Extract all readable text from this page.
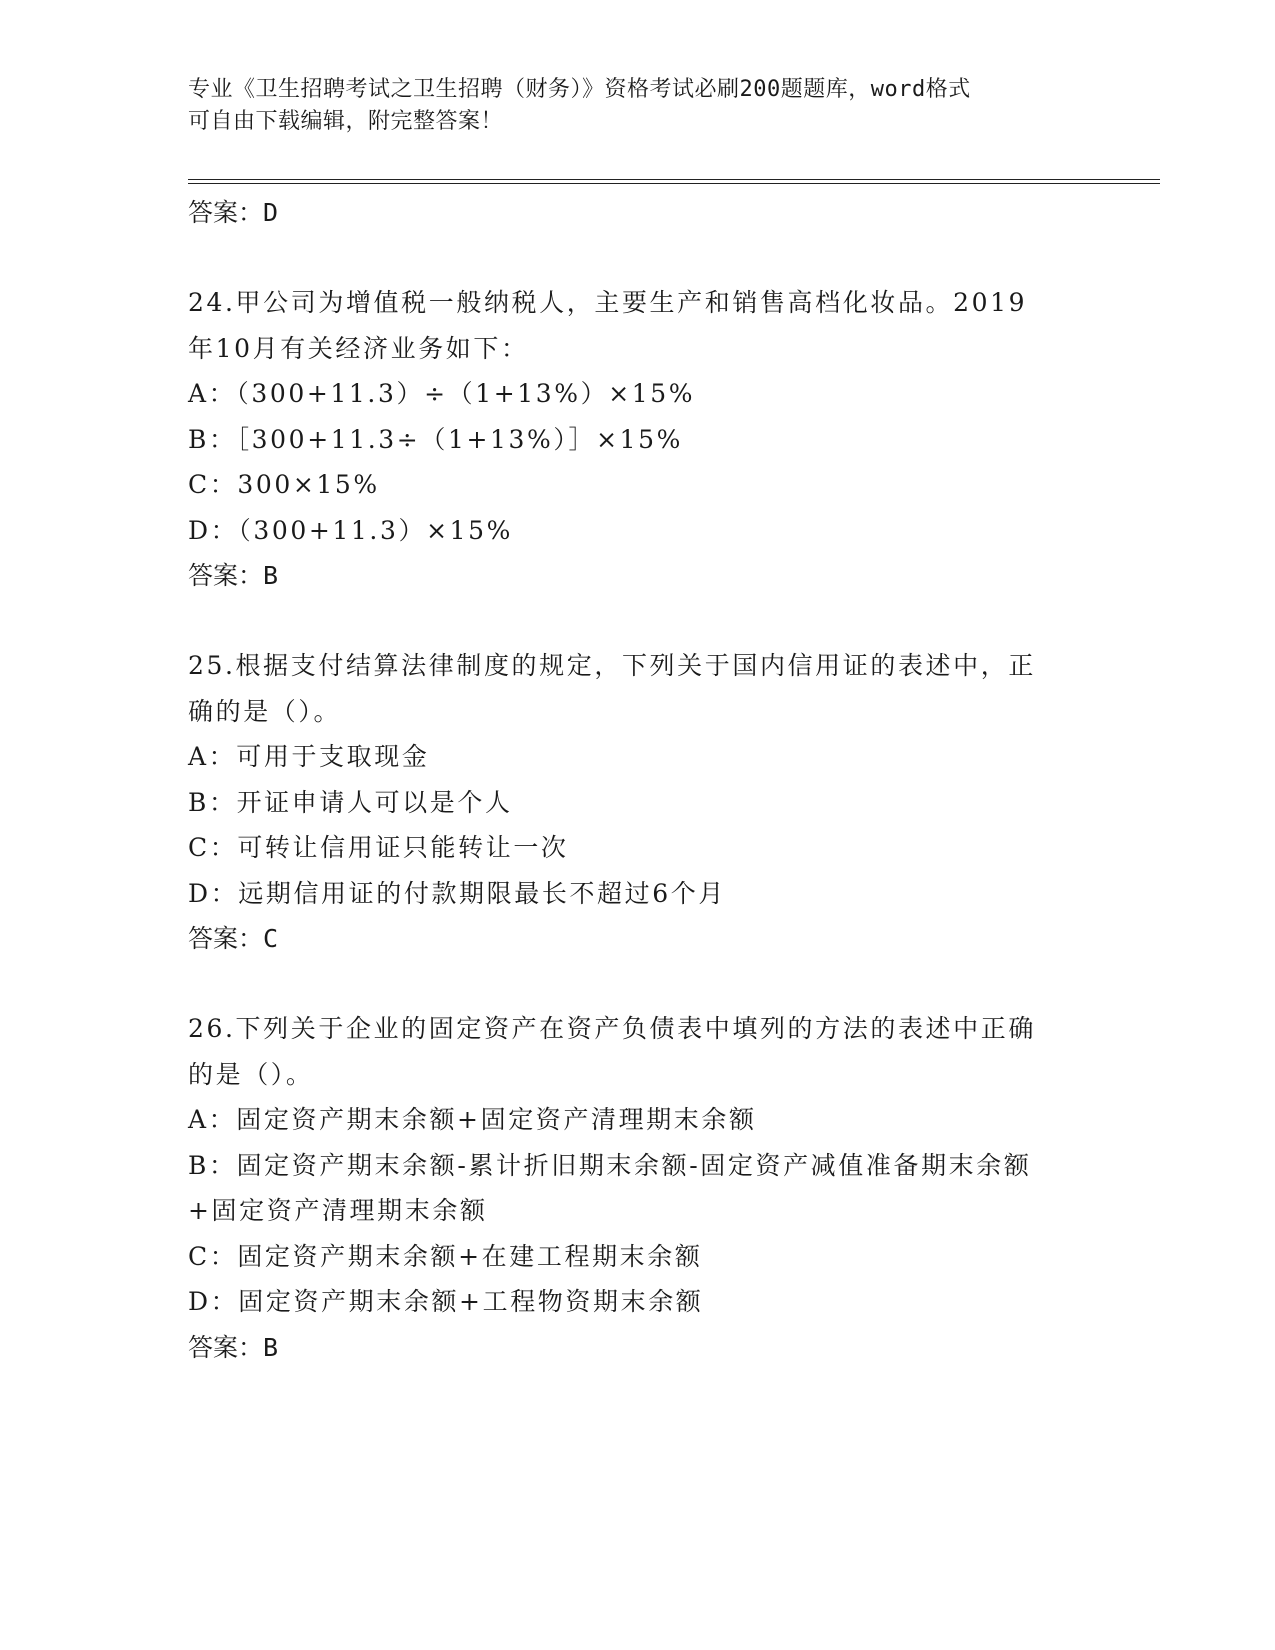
专业《卫生招聘考试之卫生招聘（财务）》资格考试必刷200题题库，word格式
可自由下载编辑，附完整答案！
答案：D
24.甲公司为增值税一般纳税人，主要生产和销售高档化妆品。2019
年10月有关经济业务如下：
A：（300+11.3）÷（1+13%）×15%
B：［300+11.3÷（1+13%）］×15%
C：300×15%
D：（300+11.3）×15%
答案：B
25.根据支付结算法律制度的规定，下列关于国内信用证的表述中，正
确的是（）。
A：可用于支取现金
B：开证申请人可以是个人
C：可转让信用证只能转让一次
D：远期信用证的付款期限最长不超过6个月
答案：C
26.下列关于企业的固定资产在资产负债表中填列的方法的表述中正确
的是（）。
A：固定资产期末余额+固定资产清理期末余额
B：固定资产期末余额-累计折旧期末余额-固定资产减值准备期末余额
+固定资产清理期末余额
C：固定资产期末余额+在建工程期末余额
D：固定资产期末余额+工程物资期末余额
答案：B
